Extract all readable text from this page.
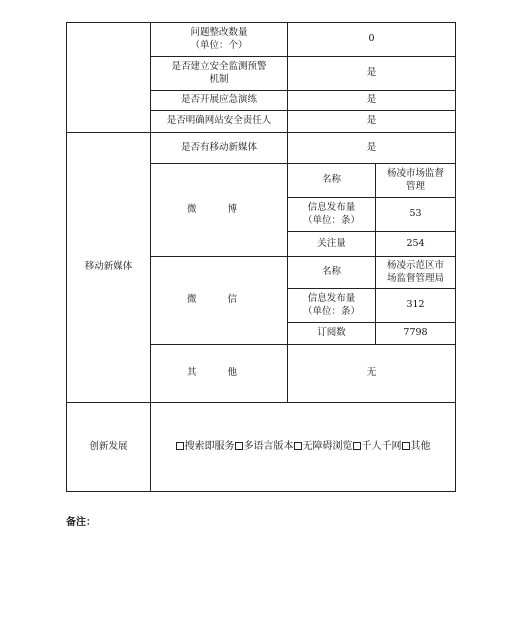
	问题整改数量
（单位：个）	0	
	是否建立安全监测预警
机制	是	
	是否开展应急演练	是	
	是否明确网站安全责任人	是	
移动新媒体	是否有移动新媒体	是	
	微 博	名称	杨凌市场监督
管理
		信息发布量
（单位：条）	53
		关注量	254
	微 信	名称	杨凌示范区市
场监督管理局
		信息发布量
（单位：条）	312
		订阅数	7798
	其 他	无	
创新发展	搜索即服务 多语言版本 无障碍浏览 千人千网 其他		
备注：
